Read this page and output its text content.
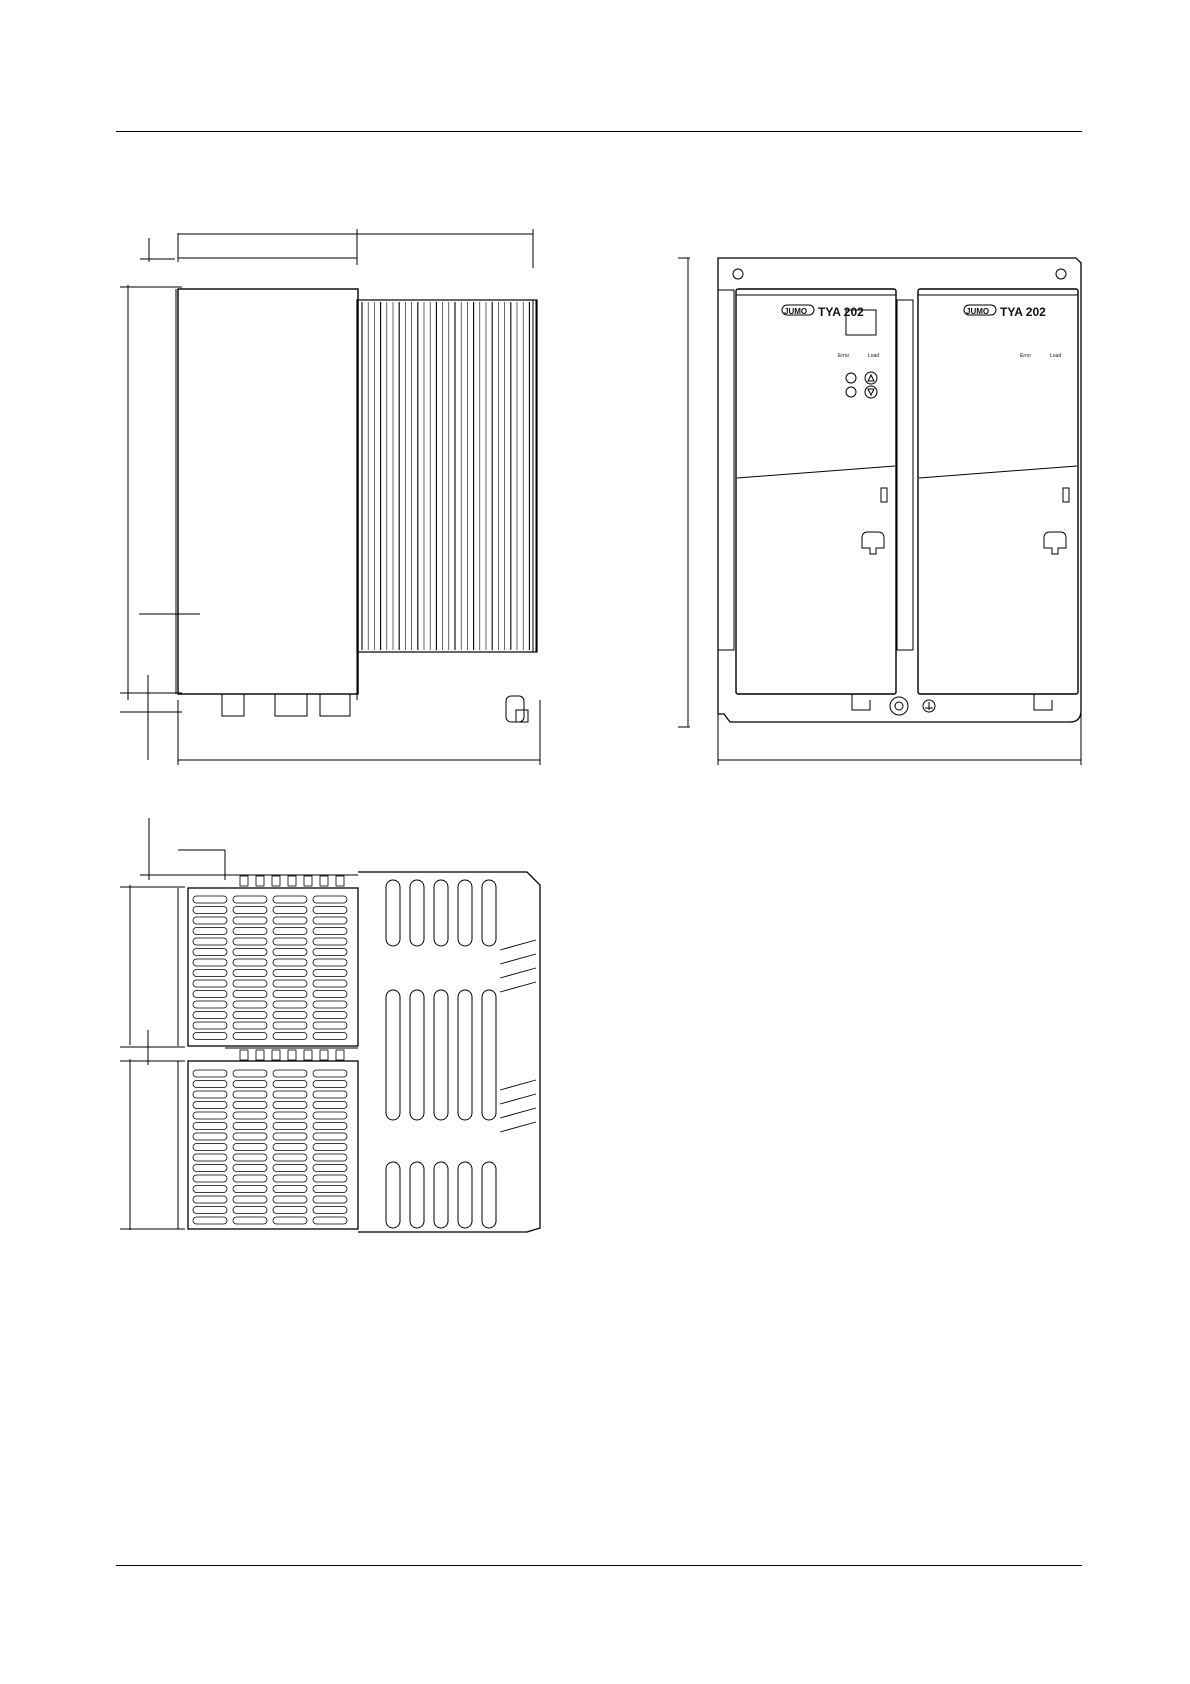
JUMO TYA 202
Error	Load
JUMO TYA 202
Error	Load
